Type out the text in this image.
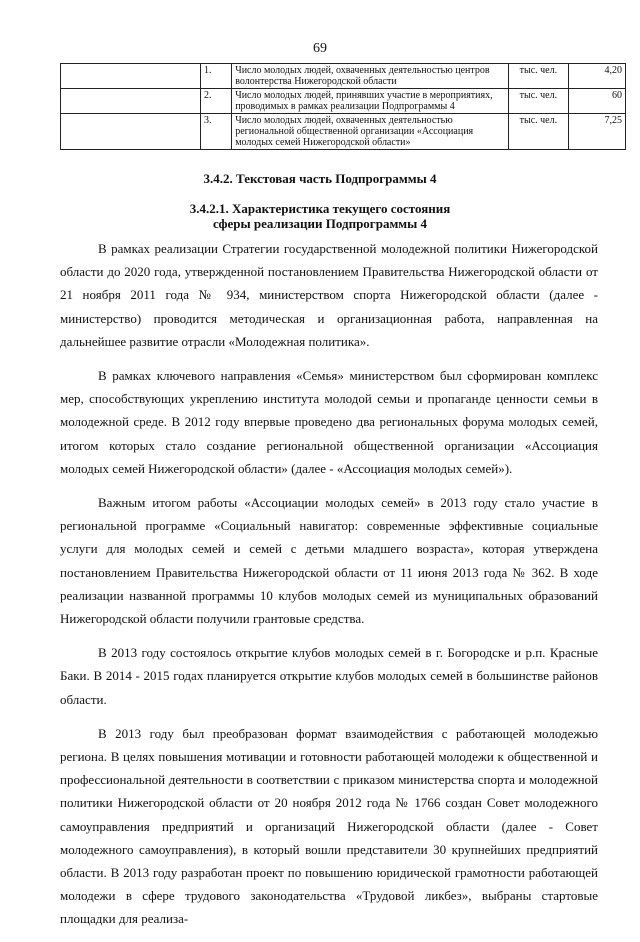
69
	1.	Число молодых людей, охваченных деятельностью центров волонтерства Нижегородской области	тыс. чел.	4,20
	2.	Число молодых людей, принявших участие в мероприятиях, проводимых в рамках реализации Подпрограммы 4	тыс. чел.	60
	3.	Число молодых людей, охваченных деятельностью региональной общественной организации «Ассоциация молодых семей Нижегородской области»	тыс. чел.	7,25
3.4.2. Текстовая часть Подпрограммы 4
3.4.2.1. Характеристика текущего состояния
сферы реализации Подпрограммы 4

В рамках реализации Стратегии государственной молодежной политики Нижегородской области до 2020 года, утвержденной постановлением Правительства Нижегородской области от 21 ноября 2011 года № 934, министерством спорта Нижегородской области (далее - министерство) проводится методическая и организационная работа, направленная на дальнейшее развитие отрасли «Молодежная политика».

В рамках ключевого направления «Семья» министерством был сформирован комплекс мер, способствующих укреплению института молодой семьи и пропаганде ценности семьи в молодежной среде. В 2012 году впервые проведено два региональных форума молодых семей, итогом которых стало создание региональной общественной организации «Ассоциация молодых семей Нижегородской области» (далее - «Ассоциация молодых семей»).

Важным итогом работы «Ассоциации молодых семей» в 2013 году стало участие в региональной программе «Социальный навигатор: современные эффективные социальные услуги для молодых семей и семей с детьми младшего возраста», которая утверждена постановлением Правительства Нижегородской области от 11 июня 2013 года № 362. В ходе реализации названной программы 10 клубов молодых семей из муниципальных образований Нижегородской области получили грантовые средства.

В 2013 году состоялось открытие клубов молодых семей в г. Богородске и р.п. Красные Баки. В 2014 - 2015 годах планируется открытие клубов молодых семей в большинстве районов области.

В 2013 году был преобразован формат взаимодействия с работающей молодежью региона. В целях повышения мотивации и готовности работающей молодежи к общественной и профессиональной деятельности в соответствии с приказом министерства спорта и молодежной политики Нижегородской области от 20 ноября 2012 года № 1766 создан Совет молодежного самоуправления предприятий и организаций Нижегородской области (далее - Совет молодежного самоуправления), в который вошли представители 30 крупнейших предприятий области. В 2013 году разработан проект по повышению юридической грамотности работающей молодежи в сфере трудового законодательства «Трудовой ликбез», выбраны стартовые площадки для реализа-
